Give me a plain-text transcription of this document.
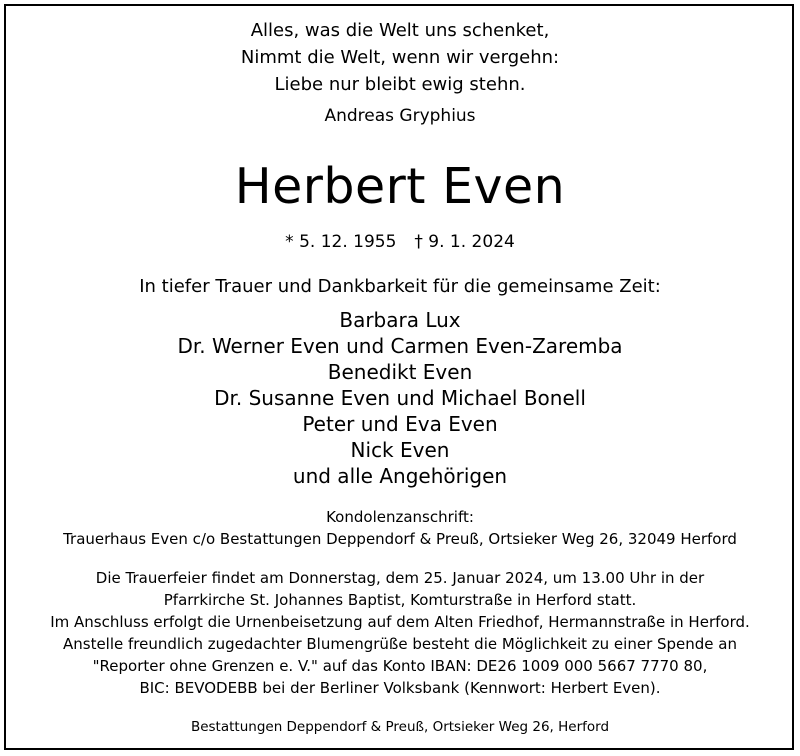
Alles, was die Welt uns schenket,
Nimmt die Welt, wenn wir vergehn:
Liebe nur bleibt ewig stehn.
Andreas Gryphius
Herbert Even
* 5. 12. 1955 † 9. 1. 2024
In tiefer Trauer und Dankbarkeit für die gemeinsame Zeit:
Barbara Lux
Dr. Werner Even und Carmen Even-Zaremba
Benedikt Even
Dr. Susanne Even und Michael Bonell
Peter und Eva Even
Nick Even
und alle Angehörigen
Kondolenzanschrift:
Trauerhaus Even c/o Bestattungen Deppendorf & Preuß, Ortsieker Weg 26, 32049 Herford
Die Trauerfeier findet am Donnerstag, dem 25. Januar 2024, um 13.00 Uhr in der
Pfarrkirche St. Johannes Baptist, Komturstraße in Herford statt.
Im Anschluss erfolgt die Urnenbeisetzung auf dem Alten Friedhof, Hermannstraße in Herford.
Anstelle freundlich zugedachter Blumengrüße besteht die Möglichkeit zu einer Spende an
"Reporter ohne Grenzen e. V." auf das Konto IBAN: DE26 1009 000 5667 7770 80,
BIC: BEVODEBB bei der Berliner Volksbank (Kennwort: Herbert Even).
Bestattungen Deppendorf & Preuß, Ortsieker Weg 26, Herford
